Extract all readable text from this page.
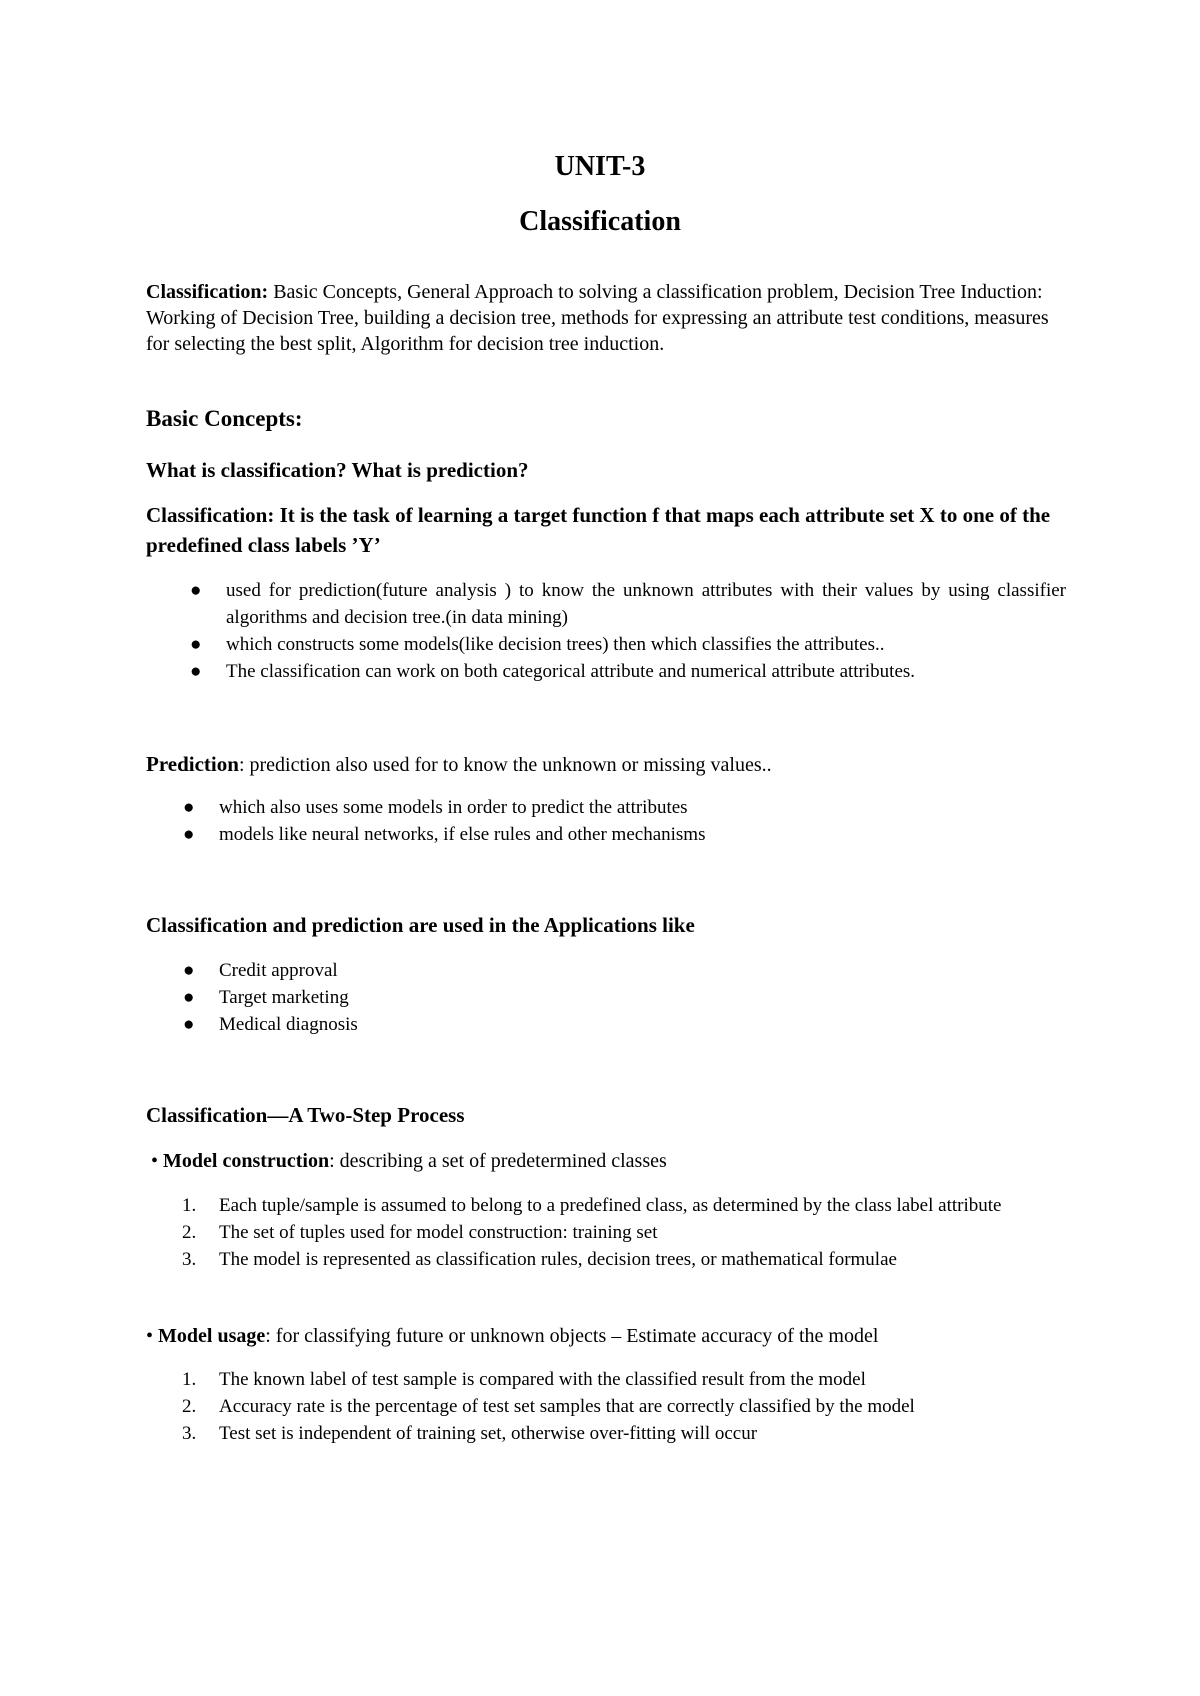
UNIT-3
Classification
Classification: Basic Concepts, General Approach to solving a classification problem, Decision Tree Induction: Working of Decision Tree, building a decision tree, methods for expressing an attribute test conditions, measures for selecting the best split, Algorithm for decision tree induction.
Basic Concepts:
What is classification? What is prediction?
Classification: It is the task of learning a target function f that maps each attribute set X to one of the predefined class labels ’Y’
● used for prediction(future analysis ) to know the unknown attributes with their values by using classifier algorithms and decision tree.(in data mining)
● which constructs some models(like decision trees) then which classifies the attributes..
● The classification can work on both categorical attribute and numerical attribute attributes.
Prediction: prediction also used for to know the unknown or missing values..
● which also uses some models in order to predict the attributes
● models like neural networks, if else rules and other mechanisms
Classification and prediction are used in the Applications like
● Credit approval
● Target marketing
● Medical diagnosis
Classification—A Two-Step Process
• Model construction: describing a set of predetermined classes
1. Each tuple/sample is assumed to belong to a predefined class, as determined by the class label attribute
2. The set of tuples used for model construction: training set
3. The model is represented as classification rules, decision trees, or mathematical formulae
• Model usage: for classifying future or unknown objects – Estimate accuracy of the model
1. The known label of test sample is compared with the classified result from the model
2. Accuracy rate is the percentage of test set samples that are correctly classified by the model
3. Test set is independent of training set, otherwise over-fitting will occur
